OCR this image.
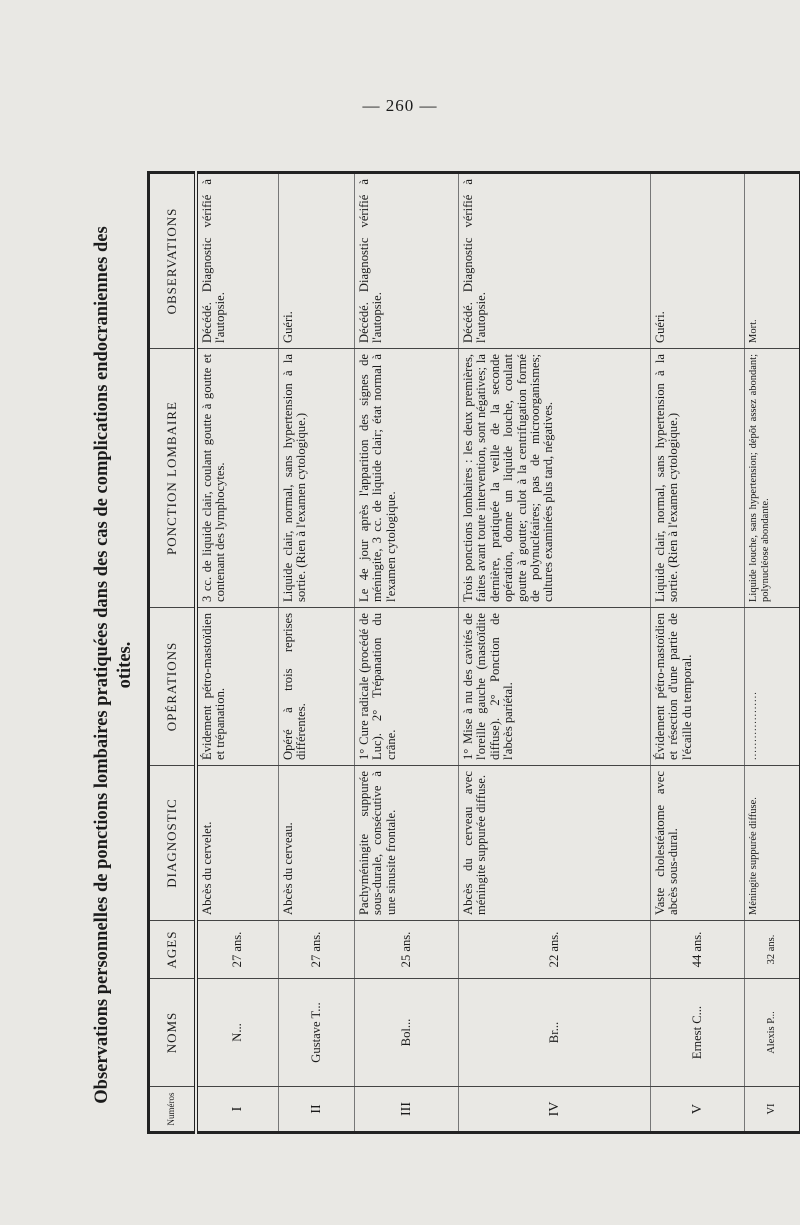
— 260 —
Observations personnelles de ponctions lombaires pratiquées dans des cas de complications endocraniennes des otites.
Numéros	NOMS	AGES	DIAGNOSTIC	OPÉRATIONS	PONCTION LOMBAIRE	OBSERVATIONS
I	N...	27 ans.	Abcès du cervelet.	Évidement pétro-mastoïdien et trépanation.	3 cc. de liquide clair, coulant goutte à goutte et contenant des lymphocytes.	Décédé. Diagnostic vérifié à l'autopsie.
II	Gustave T...	27 ans.	Abcès du cerveau.	Opéré à trois reprises différentes.	Liquide clair, normal, sans hypertension à la sortie. (Rien à l'examen cytologique.)	Guéri.
III	Bol...	25 ans.	Pachyméningite suppurée sous-durale, consécutive à une sinusite frontale.	1° Cure radicale (procédé de Luc). 2° Trépanation du crâne.	Le 4e jour après l'apparition des signes de méningite, 3 cc. de liquide clair; état normal à l'examen cytologique.	Décédé. Diagnostic vérifié à l'autopsie.
IV	Br...	22 ans.	Abcès du cerveau avec méningite suppurée diffuse.	1° Mise à nu des cavités de l'oreille gauche (mastoïdite diffuse). 2° Ponction de l'abcès pariétal.	Trois ponctions lombaires : les deux premières, faites avant toute intervention, sont négatives; la dernière, pratiquée la veille de la seconde opération, donne un liquide louche, coulant goutte à goutte; culot à la centrifugation formé de polynucléaires; pas de microorganismes; cultures examinées plus tard, négatives.	Décédé. Diagnostic vérifié à l'autopsie.
V	Ernest C...	44 ans.	Vaste cholestéatome avec abcès sous-dural.	Évidement pétro-mastoïdien et résection d'une partie de l'écaille du temporal.	Liquide clair, normal, sans hypertension à la sortie. (Rien à l'examen cytologique.)	Guéri.
VI	Alexis P...	32 ans.	Méningite suppurée diffuse.	...................	Liquide louche, sans hypertension; dépôt assez abondant; polynucléose abondante.	Mort.
